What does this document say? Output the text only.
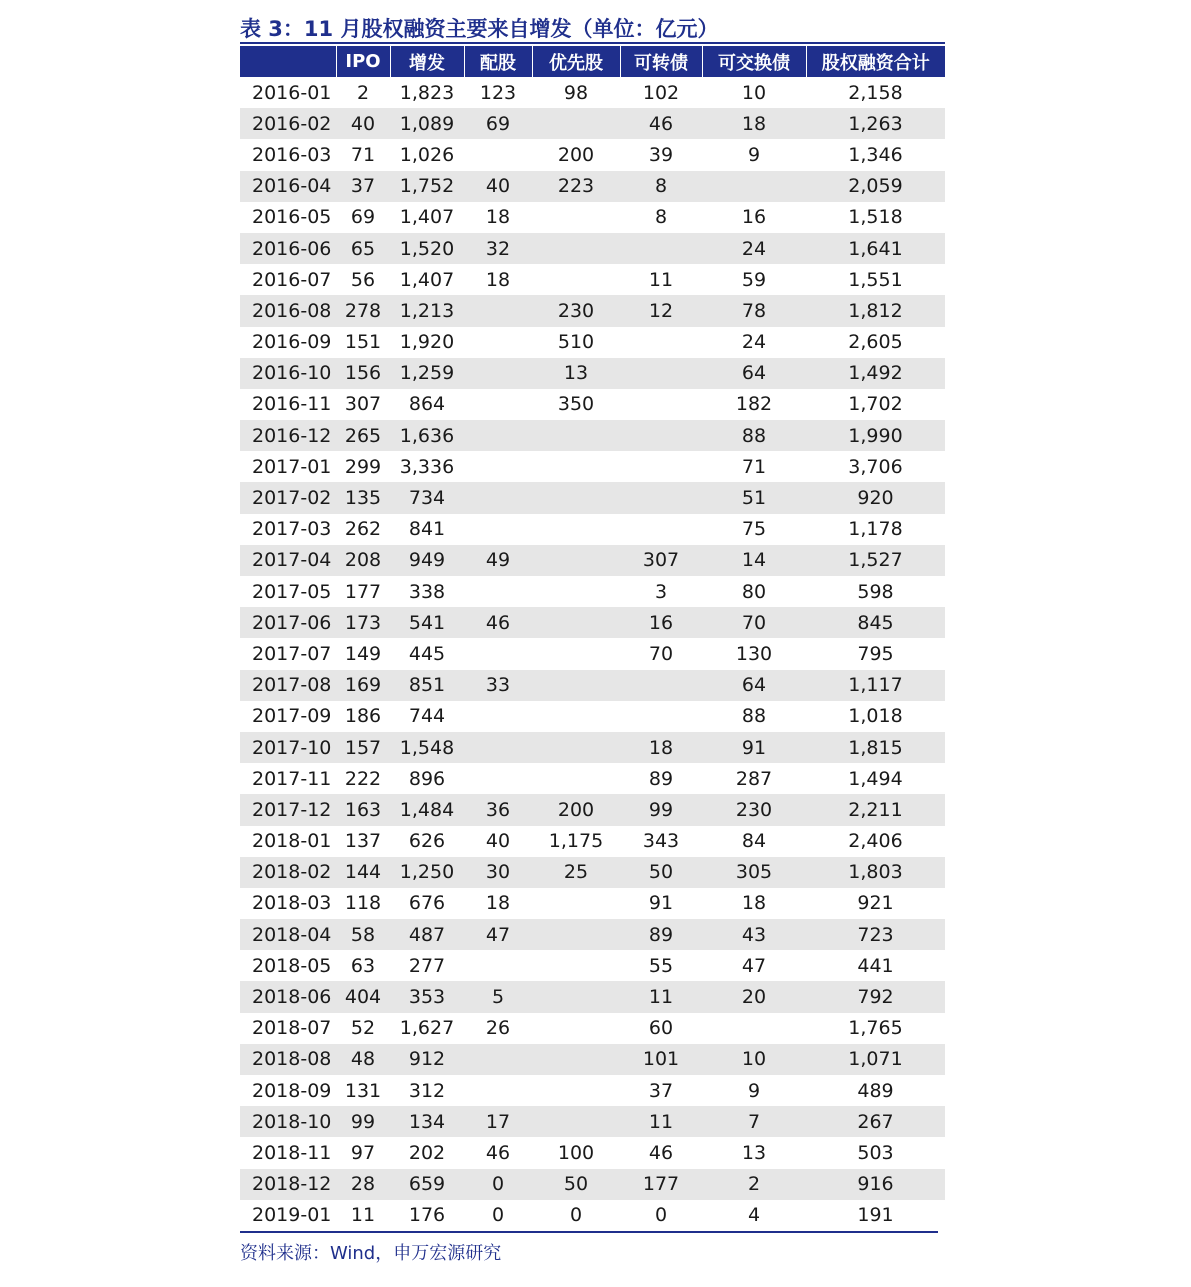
表 3：11 月股权融资主要来自增发（单位：亿元）
	IPO	增发	配股	优先股	可转债	可交换债	股权融资合计
2016-01	2	1,823	123	98	102	10	2,158
2016-02	40	1,089	69		46	18	1,263
2016-03	71	1,026		200	39	9	1,346
2016-04	37	1,752	40	223	8		2,059
2016-05	69	1,407	18		8	16	1,518
2016-06	65	1,520	32			24	1,641
2016-07	56	1,407	18		11	59	1,551
2016-08	278	1,213		230	12	78	1,812
2016-09	151	1,920		510		24	2,605
2016-10	156	1,259		13		64	1,492
2016-11	307	864		350		182	1,702
2016-12	265	1,636				88	1,990
2017-01	299	3,336				71	3,706
2017-02	135	734				51	920
2017-03	262	841				75	1,178
2017-04	208	949	49		307	14	1,527
2017-05	177	338			3	80	598
2017-06	173	541	46		16	70	845
2017-07	149	445			70	130	795
2017-08	169	851	33			64	1,117
2017-09	186	744				88	1,018
2017-10	157	1,548			18	91	1,815
2017-11	222	896			89	287	1,494
2017-12	163	1,484	36	200	99	230	2,211
2018-01	137	626	40	1,175	343	84	2,406
2018-02	144	1,250	30	25	50	305	1,803
2018-03	118	676	18		91	18	921
2018-04	58	487	47		89	43	723
2018-05	63	277			55	47	441
2018-06	404	353	5		11	20	792
2018-07	52	1,627	26		60		1,765
2018-08	48	912			101	10	1,071
2018-09	131	312			37	9	489
2018-10	99	134	17		11	7	267
2018-11	97	202	46	100	46	13	503
2018-12	28	659	0	50	177	2	916
2019-01	11	176	0	0	0	4	191
资料来源：Wind，申万宏源研究
